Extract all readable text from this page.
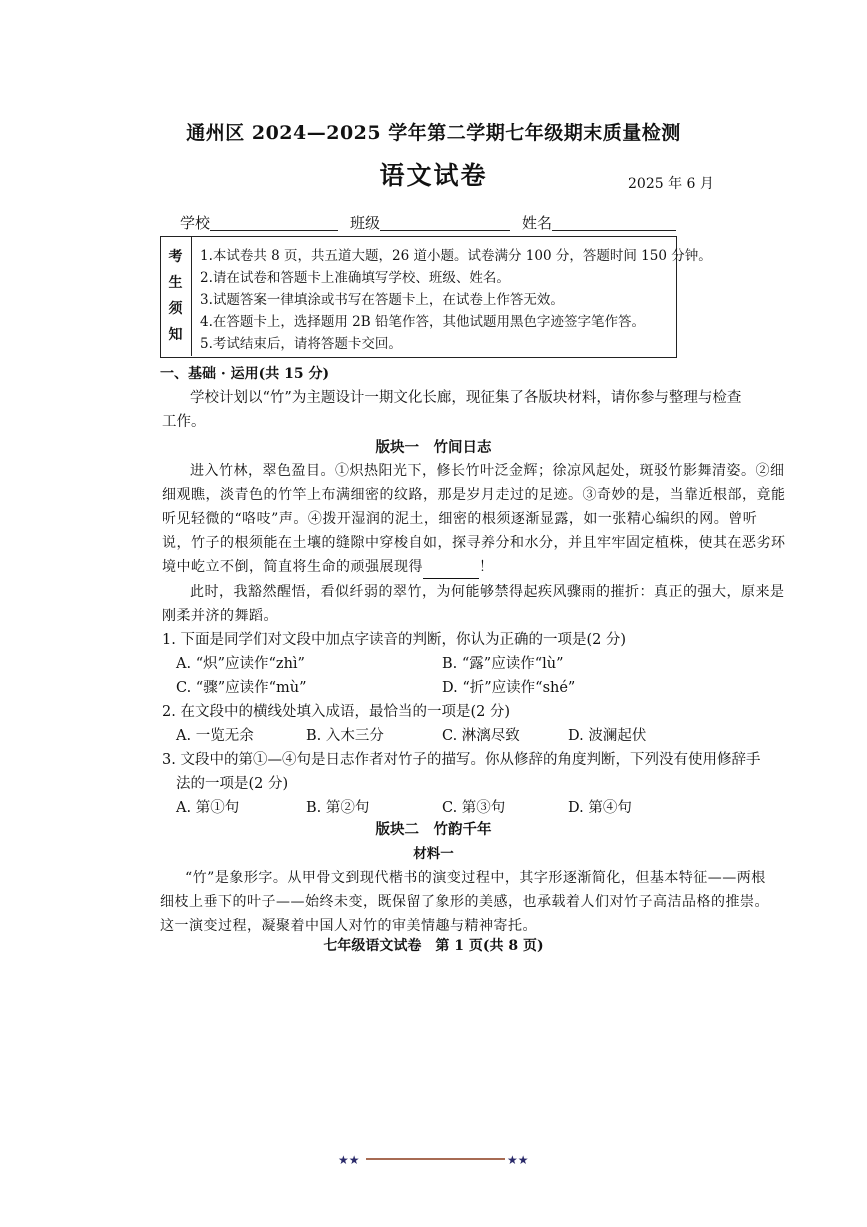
通州区 2024—2025 学年第二学期七年级期末质量检测
语文试卷	2025 年 6 月
学校	班级	姓名
考
生
须
知
1.本试卷共 8 页，共五道大题，26 道小题。试卷满分 100 分，答题时间 150 分钟。
2.请在试卷和答题卡上准确填写学校、班级、姓名。
3.试题答案一律填涂或书写在答题卡上，在试卷上作答无效。
4.在答题卡上，选择题用 2B 铅笔作答，其他试题用黑色字迹签字笔作答。
5.考试结束后，请将答题卡交回。
一、基础 · 运用(共 15 分)
学校计划以“竹”为主题设计一期文化长廊，现征集了各版块材料，请你参与整理与检查
工作。
版块一　竹间日志
进入竹林，翠色盈目。①炽热阳光下，修长竹叶泛金辉；徐凉风起处，斑驳竹影舞清姿。②细
细观瞧，淡青色的竹竿上布满细密的纹路，那是岁月走过的足迹。③奇妙的是，当靠近根部，竟能
听见轻微的“咯吱”声。④拨开湿润的泥土，细密的根须逐渐显露，如一张精心编织的网。曾听
说，竹子的根须能在土壤的缝隙中穿梭自如，探寻养分和水分，并且牢牢固定植株，使其在恶劣环
境中屹立不倒，简直将生命的顽强展现得	！
此时，我豁然醒悟，看似纤弱的翠竹，为何能够禁得起疾风骤雨的摧折：真正的强大，原来是
刚柔并济的舞蹈。
1. 下面是同学们对文段中加点字读音的判断，你认为正确的一项是(2 分)
A. “炽”应读作“zhì”	B. “露”应读作“lù”
C. “骤”应读作“mù”	D. “折”应读作“shé”
2. 在文段中的横线处填入成语，最恰当的一项是(2 分)
A. 一览无余	B. 入木三分	C. 淋漓尽致	D. 波澜起伏
3. 文段中的第①—④句是日志作者对竹子的描写。你从修辞的角度判断，下列没有使用修辞手
法的一项是(2 分)
A. 第①句	B. 第②句	C. 第③句	D. 第④句
版块二　竹韵千年
材料一
“竹”是象形字。从甲骨文到现代楷书的演变过程中，其字形逐渐简化，但基本特征——两根
细枝上垂下的叶子——始终未变，既保留了象形的美感，也承载着人们对竹子高洁品格的推崇。
这一演变过程，凝聚着中国人对竹的审美情趣与精神寄托。
七年级语文试卷　第 1 页(共 8 页)
★★	★★
